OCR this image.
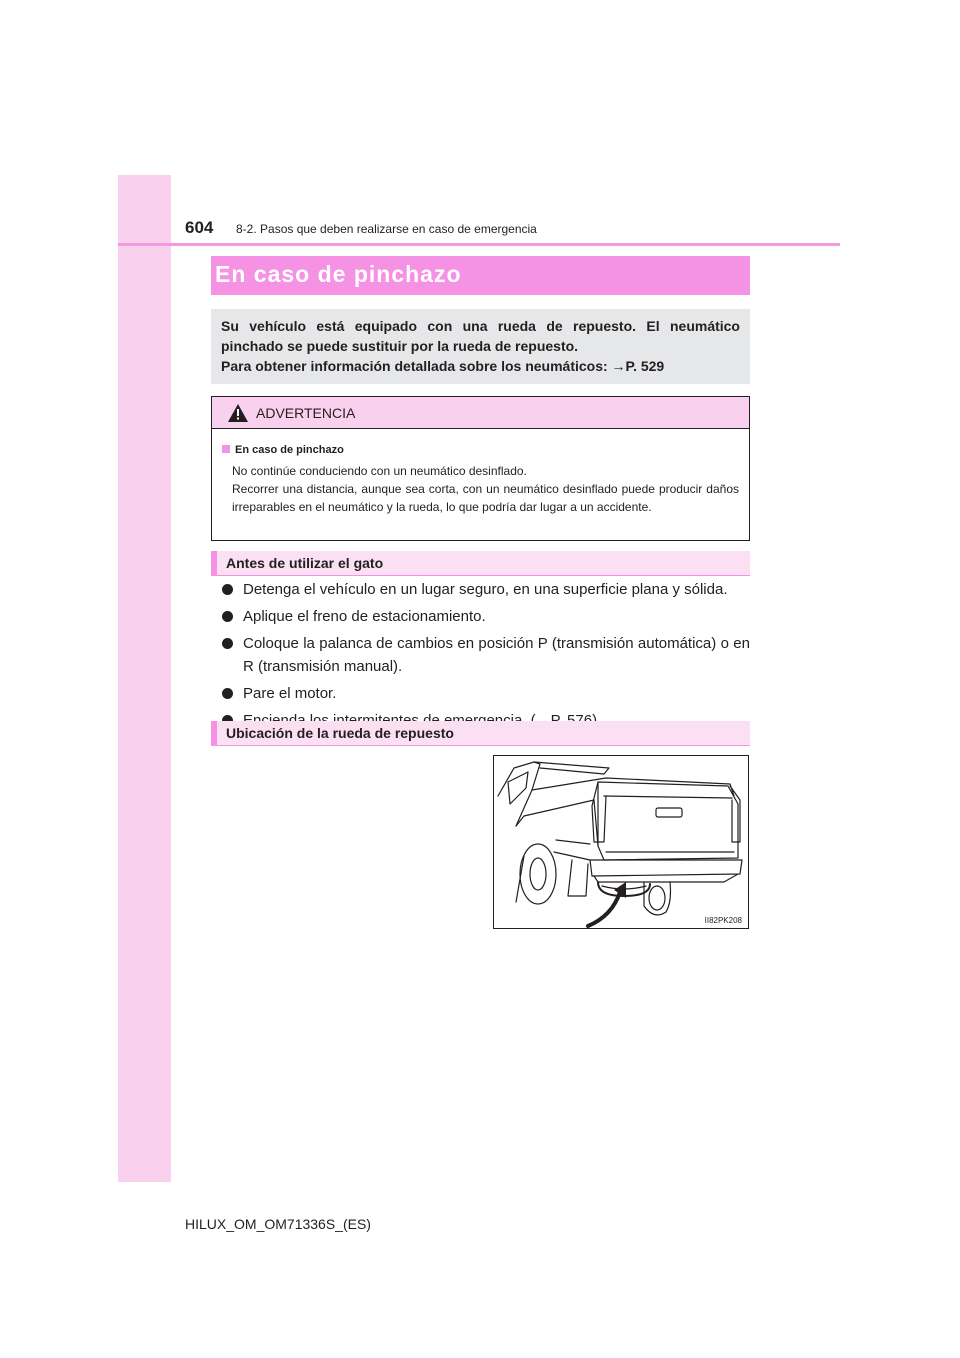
604 8-2. Pasos que deben realizarse en caso de emergencia
En caso de pinchazo
Su vehículo está equipado con una rueda de repuesto. El neumático
pinchado se puede sustituir por la rueda de repuesto.
Para obtener información detallada sobre los neumáticos: →P. 529
ADVERTENCIA
En caso de pinchazo
No continúe conduciendo con un neumático desinflado.
Recorrer una distancia, aunque sea corta, con un neumático desinflado puede producir daños irreparables en el neumático y la rueda, lo que podría dar lugar a un accidente.
Antes de utilizar el gato
Detenga el vehículo en un lugar seguro, en una superficie plana y sólida.
Aplique el freno de estacionamiento.
Coloque la palanca de cambios en posición P (transmisión automática) o en R (transmisión manual).
Pare el motor.
Ubicación de la rueda de repuesto
II82PK208
HILUX_OM_OM71336S_(ES)
